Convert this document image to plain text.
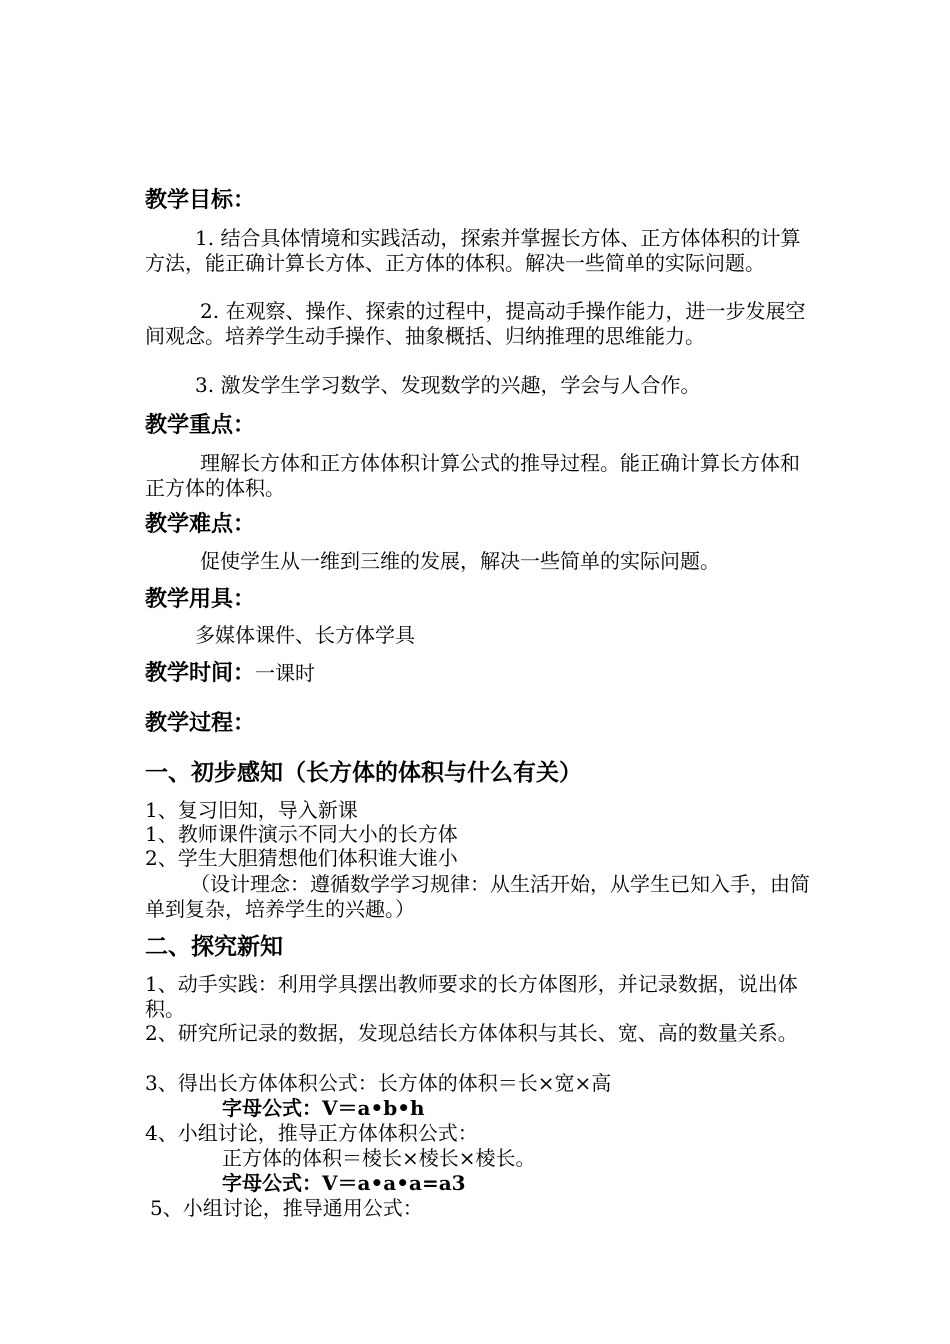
教学目标：
1. 结合具体情境和实践活动，探索并掌握长方体、正方体体积的计算方法，能正确计算长方体、正方体的体积。解决一些简单的实际问题。
2. 在观察、操作、探索的过程中，提高动手操作能力，进一步发展空间观念。培养学生动手操作、抽象概括、归纳推理的思维能力。
3. 激发学生学习数学、发现数学的兴趣，学会与人合作。
教学重点：
理解长方体和正方体体积计算公式的推导过程。能正确计算长方体和正方体的体积。
教学难点：
促使学生从一维到三维的发展，解决一些简单的实际问题。
教学用具：
多媒体课件、长方体学具
教学时间：一课时
教学过程：
一、初步感知（长方体的体积与什么有关）
1、复习旧知，导入新课
1、教师课件演示不同大小的长方体
2、学生大胆猜想他们体积谁大谁小
（设计理念：遵循数学学习规律：从生活开始，从学生已知入手，由简单到复杂，培养学生的兴趣。）
二、探究新知
1、动手实践：利用学具摆出教师要求的长方体图形，并记录数据，说出体积。
2、研究所记录的数据，发现总结长方体体积与其长、宽、高的数量关系。
3、得出长方体体积公式：长方体的体积＝长×宽×高
字母公式：V＝a•b•h
4、小组讨论，推导正方体体积公式：
正方体的体积＝棱长×棱长×棱长。
字母公式：V＝a•a•a=a3
5、小组讨论，推导通用公式：
